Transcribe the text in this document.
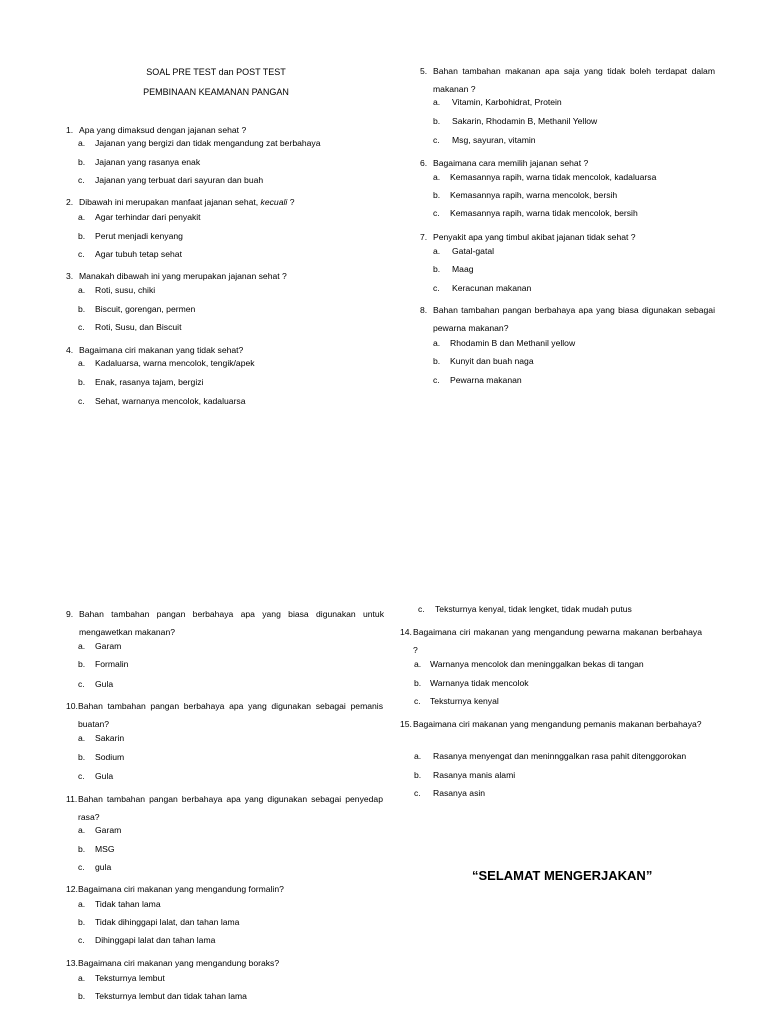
SOAL PRE TEST dan POST TEST
PEMBINAAN KEAMANAN PANGAN
1. Apa yang dimaksud dengan jajanan sehat ?
a. Jajanan yang bergizi dan tidak mengandung zat berbahaya
b. Jajanan yang rasanya enak
c. Jajanan yang terbuat dari sayuran dan buah
2. Dibawah ini merupakan manfaat jajanan sehat, kecuali ?
a. Agar terhindar dari penyakit
b. Perut menjadi kenyang
c. Agar tubuh tetap sehat
3. Manakah dibawah ini yang merupakan jajanan sehat ?
a. Roti, susu, chiki
b. Biscuit, gorengan, permen
c. Roti, Susu, dan Biscuit
4. Bagaimana ciri makanan yang tidak sehat?
a. Kadaluarsa, warna mencolok, tengik/apek
b. Enak, rasanya tajam, bergizi
c. Sehat, warnanya mencolok, kadaluarsa
5. Bahan tambahan makanan apa saja yang tidak boleh terdapat dalam makanan ?
a. Vitamin, Karbohidrat, Protein
b. Sakarin, Rhodamin B, Methanil Yellow
c. Msg, sayuran, vitamin
6. Bagaimana cara memilih jajanan sehat ?
a. Kemasannya rapih, warna tidak mencolok, kadaluarsa
b. Kemasannya rapih, warna mencolok, bersih
c. Kemasannya rapih, warna tidak mencolok, bersih
7. Penyakit apa yang timbul akibat jajanan tidak sehat ?
a. Gatal-gatal
b. Maag
c. Keracunan makanan
8. Bahan tambahan pangan berbahaya apa yang biasa digunakan sebagai pewarna makanan?
a. Rhodamin B dan Methanil yellow
b. Kunyit dan buah naga
c. Pewarna makanan
9. Bahan tambahan pangan berbahaya apa yang biasa digunakan untuk mengawetkan makanan?
a. Garam
b. Formalin
c. Gula
10. Bahan tambahan pangan berbahaya apa yang digunakan sebagai pemanis buatan?
a. Sakarin
b. Sodium
c. Gula
11. Bahan tambahan pangan berbahaya apa yang digunakan sebagai penyedap rasa?
a. Garam
b. MSG
c. gula
12. Bagaimana ciri makanan yang mengandung formalin?
a. Tidak tahan lama
b. Tidak dihinggapi lalat, dan tahan lama
c. Dihinggapi lalat dan tahan lama
13. Bagaimana ciri makanan yang mengandung boraks?
a. Teksturnya lembut
b. Teksturnya lembut dan tidak tahan lama
c. Teksturnya kenyal, tidak lengket, tidak mudah putus
14. Bagaimana ciri makanan yang mengandung pewarna makanan berbahaya ?
a. Warnanya mencolok dan meninggalkan bekas di tangan
b. Warnanya tidak mencolok
c. Teksturnya kenyal
15. Bagaimana ciri makanan yang mengandung pemanis makanan berbahaya?
a. Rasanya menyengat dan meninnggalkan rasa pahit ditenggorokan
b. Rasanya manis alami
c. Rasanya asin
“SELAMAT MENGERJAKAN”
